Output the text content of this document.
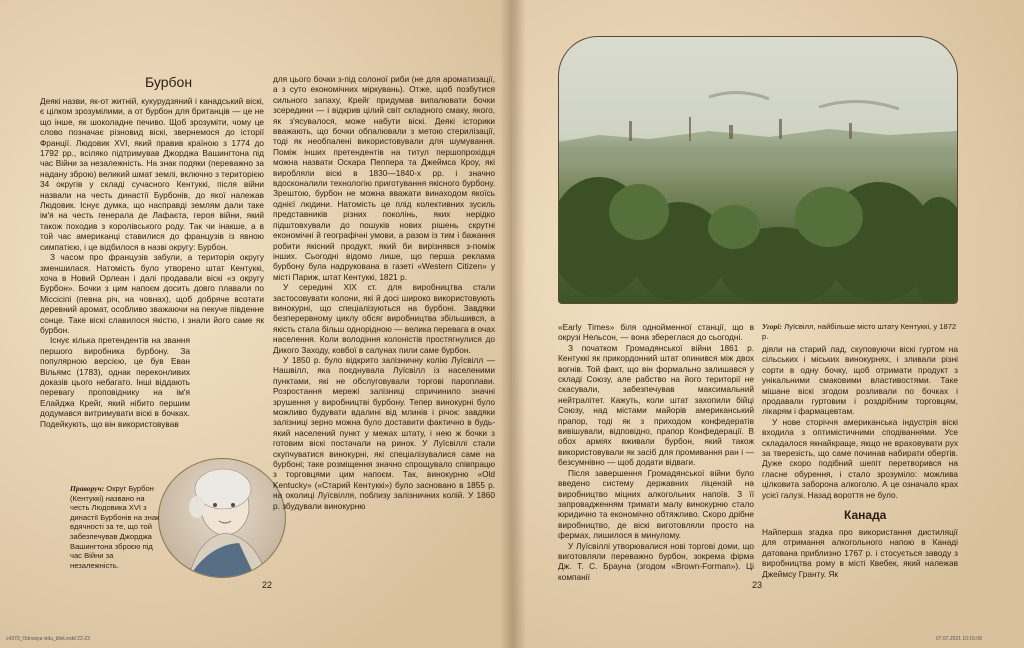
Бурбон

Деякі назви, як-от житній, кукурудзяний і канадський віскі, є цілком зрозумілими, а от бурбон для британців — це не що інше, як шоколадне печиво. Щоб зрозуміти, чому це слово позначає різновид віскі, звернемося до історії Франції. Людовик XVI, який правив країною з 1774 до 1792 рр., всіляко підтримував Джорджа Вашингтона під час Війни за незалежність. На знак подяки (переважно за надану зброю) великий шмат землі, включно з територією 34 округів у складі сучасного Кентуккі, після війни назвали на честь династії Бурбонів, до якої належав Людовик. Існує думка, що насправді землям дали таке ім'я на честь генерала де Лафаєта, героя війни, який також походив з королівського роду. Так чи інакше, а в той час американці ставилися до французів із явною симпатією, і це відбилося в назві округу: Бурбон.

З часом про французів забули, а територія округу зменшилася. Натомість було утворено штат Кентуккі, хоча в Новий Орлеан і далі продавали віскі «з округу Бурбон». Бочки з цим напоєм досить довго плавали по Міссісіпі (певна річ, на човнах), щоб добряче всотати деревний аромат, особливо зважаючи на пекуче південне сонце. Таке віскі славилося якістю, і знали його саме як бурбон.

Існує кілька претендентів на звання першого виробника бурбону. За популярною версією, це був Еван Вільямс (1783), однак переконливих доказів цього небагато. Інші віддають перевагу проповіднику на ім'я Елайджа Крейг, який нібито першим додумався витримувати віскі в бочках. Подейкують, що він використовував

Праворуч: Округ Бурбон (Кентуккі) названо на честь Людовика XVI з династії Бурбонів на знак вдячності за те, що той забезпечував Джорджа Вашингтона зброєю під час Війни за незалежність.

для цього бочки з-під солоної риби (не для ароматизації, а з суто економічних міркувань). Отже, щоб позбутися сильного запаху, Крейг придумав випалювати бочки зсередини — і відкрив цілий світ складного смаку, якого, як з'ясувалося, може набути віскі. Деякі історики вважають, що бочки обпалювали з метою стерилізації, тоді як необпалені використовували для шумування. Поміж інших претендентів на титул першопрохідця можна назвати Оскара Пеппера та Джеймса Кроу, які виробляли віскі в 1830—1840-х рр. і значно вдосконалили технологію приготування якісного бурбону. Зрештою, бурбон не можна вважати винаходом якоїсь однієї людини. Натомість це плід колективних зусиль представників різних поколінь, яких нерідко підштовхували до пошуків нових рішень скрутні економічні й географічні умови, а разом із тим і бажання робити якісний продукт, який би вирізнявся з-поміж інших. Сьогодні відомо лише, що перша реклама бурбону була надрукована в газеті «Western Citizen» у місті Париж, штат Кентуккі, 1821 р.

У середині XIX ст. для виробництва стали застосовувати колони, які й досі широко використовують винокурні, що спеціалізуються на бурбоні. Завдяки безперервному циклу обсяг виробництва збільшився, а якість стала більш однорідною — велика перевага в очах населення. Коли володіння колоністів простягнулися до Дикого Заходу, ковбої в салунах пили саме бурбон.

У 1850 р. було відкрито залізничну колію Луїсвілл — Нашвілл, яка поєднувала Луїсвілл із населеними пунктами, які не обслуговували торгові пароплави. Розростання мережі залізниці спричинило значні зрушення у виробництві бурбону. Тепер винокурні було можливо будувати вдалині від млинів і річок: завдяки залізниці зерно можна було доставити фактично в будь-який населений пункт у межах штату, і нею ж бочки з готовим віскі постачали на ринок. У Луїсвіллі стали скупчуватися винокурні, які спеціалізувалися саме на бурбоні; таке розміщення значно спрощувало співпрацю з торговцями цим напоєм. Так, винокурню «Old Kentucky» («Старий Кентуккі») було засновано в 1855 р. на околиці Луїсвілля, поблизу залізничних колій. У 1860 р. збудували винокурню

22
Угорі: Луїсвілл, найбільше місто штату Кентуккі, у 1872 р.

«Early Times» біля однойменної станції, що в окрузі Нельсон, — вона збереглася до сьогодні.

З початком Громадянської війни 1861 р. Кентуккі як прикордонний штат опинився між двох вогнів. Той факт, що він формально залишався у складі Союзу, але рабство на його території не скасували, забезпечував максимальний нейтралітет. Кажуть, коли штат захопили бійці Союзу, над містами майорів американський прапор, тоді як з приходом конфедератів вивішували, відповідно, прапор Конфедерації. В обох арміях вживали бурбон, який також використовували як засіб для промивання ран і — безсумнівно — щоб додати відваги.

Після завершення Громадянської війни було введено систему державних ліцензій на виробництво міцних алкогольних напоїв. З її запровадженням тримати малу винокурню стало юридично та економічно обтяжливо. Скоро дрібне виробництво, де віскі виготовляли просто на фермах, лишилося в минулому.

У Луїсвіллі утворювалися нові торгові доми, що виготовляли переважно бурбон, зокрема фірма Дж. Т. С. Брауна (згодом «Brown-Forman»). Ці компанії

діяли на старий лад, скуповуючи віскі гуртом на сільських і міських винокурнях, і зливали різні сорти в одну бочку, щоб отримати продукт з унікальними смаковими властивостями. Таке мішане віскі згодом розливали по бочках і продавали гуртовим і роздрібним торговцям, лікарям і фармацевтам.

У нове сторіччя американська індустрія віскі входила з оптимістичними сподіваннями. Усе складалося якнайкраще, якщо не враховувати рух за тверезість, що саме починав набирати обертів. Дуже скоро подібний шепіт перетворився на гласне обурення, і стало зрозуміло: можлива цілковита заборона алкоголю. А це означало крах усієї галузі. Назад вороття не було.

Канада

Найперша згадка про використання дистиляції для отримання алкогольного напою в Канаді датована приблизно 1767 р. і стосується заводу з виробництва рому в місті Квебек, який належав Джеймсу Гранту. Як

23
c4370_Odnosya vidu_blok.indd 22-23	07.07.2021 10:15:09
